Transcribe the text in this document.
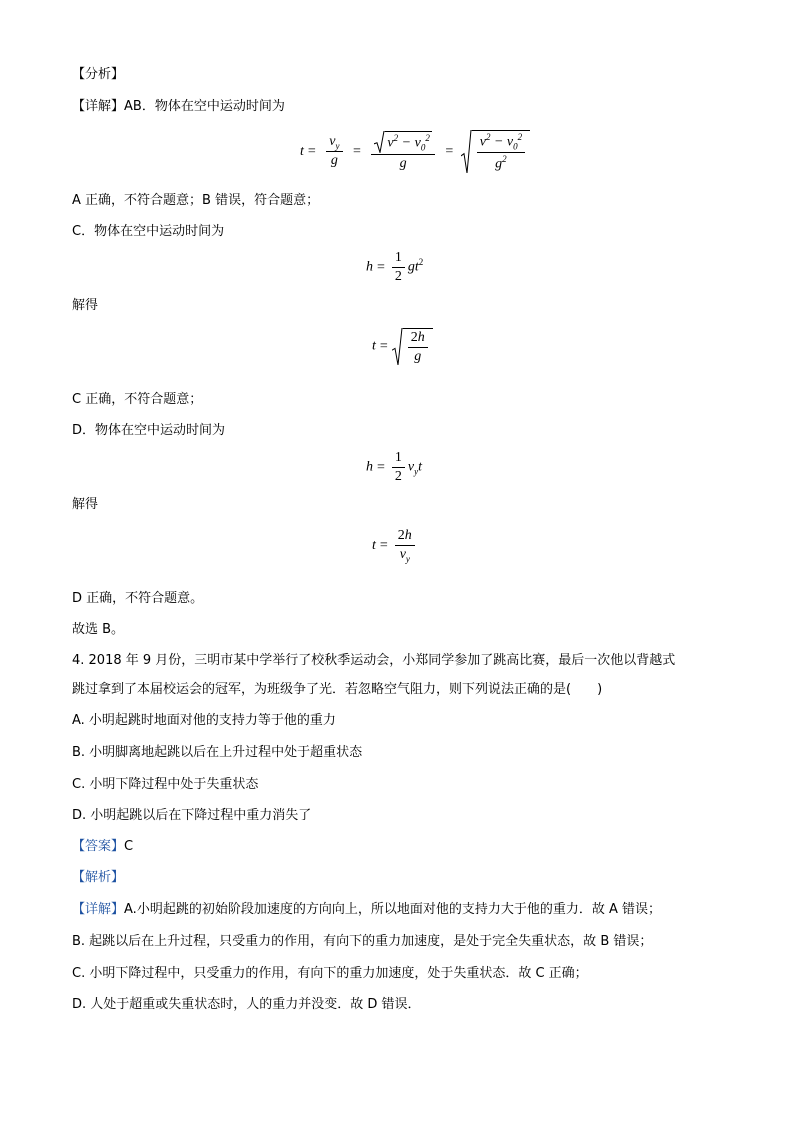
【分析】
【详解】AB．物体在空中运动时间为
$t = \frac{v_y}{g} = \frac{v^2 - v_0^2}{g} = \frac{v^2 - v_0^2}{g^2}$
A 正确，不符合题意；B 错误，符合题意；
C．物体在空中运动时间为
$h = \frac{1}{2} gt^2$
解得
$t = \frac{2h}{g}$
C 正确，不符合题意；
D．物体在空中运动时间为
$h = \frac{1}{2} v_yt$
解得
$t = \frac{2h}{v_y}$
D 正确，不符合题意。
故选 B。
4. 2018 年 9 月份，三明市某中学举行了校秋季运动会，小郑同学参加了跳高比赛，最后一次他以背越式
跳过拿到了本届校运会的冠军，为班级争了光．若忽略空气阻力，则下列说法正确的是(　　)
A. 小明起跳时地面对他的支持力等于他的重力
B. 小明脚离地起跳以后在上升过程中处于超重状态
C. 小明下降过程中处于失重状态
D. 小明起跳以后在下降过程中重力消失了
【答案】C
【解析】
【详解】A.小明起跳的初始阶段加速度的方向向上，所以地面对他的支持力大于他的重力．故 A 错误；
B. 起跳以后在上升过程，只受重力的作用，有向下的重力加速度，是处于完全失重状态，故 B 错误；
C. 小明下降过程中，只受重力的作用，有向下的重力加速度，处于失重状态．故 C 正确；
D. 人处于超重或失重状态时，人的重力并没变．故 D 错误．
